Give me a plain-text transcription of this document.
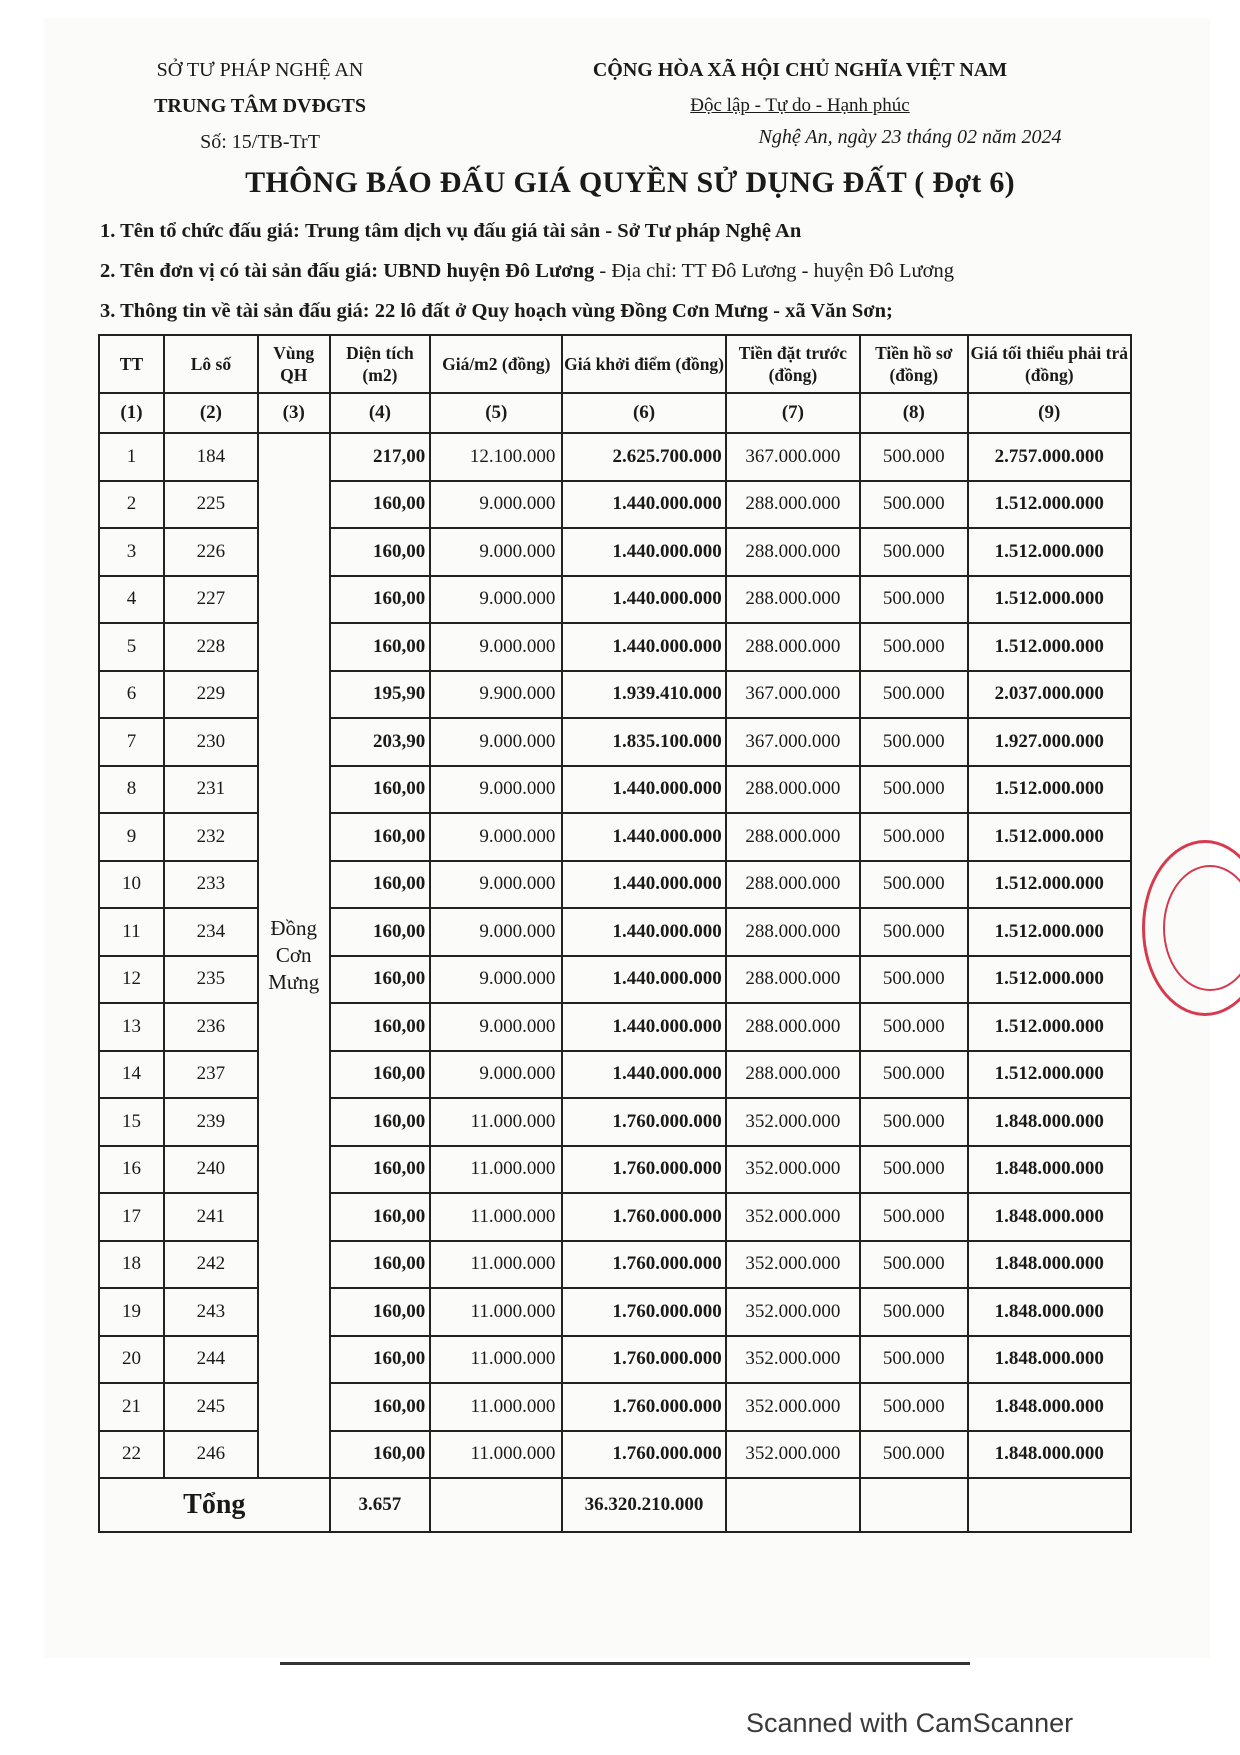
SỞ TƯ PHÁP NGHỆ AN
TRUNG TÂM DVĐGTS
Số: 15/TB-TrT
CỘNG HÒA XÃ HỘI CHỦ NGHĨA VIỆT NAM
Độc lập - Tự do - Hạnh phúc
Nghệ An, ngày 23 tháng 02 năm 2024
THÔNG BÁO ĐẤU GIÁ QUYỀN SỬ DỤNG ĐẤT ( Đợt 6)
1. Tên tổ chức đấu giá: Trung tâm dịch vụ đấu giá tài sản - Sở Tư pháp Nghệ An
2. Tên đơn vị có tài sản đấu giá: UBND huyện Đô Lương - Địa chỉ: TT Đô Lương - huyện Đô Lương
3. Thông tin về tài sản đấu giá: 22 lô đất ở Quy hoạch vùng Đồng Cơn Mưng - xã Văn Sơn;
TT	Lô số	Vùng QH	Diện tích (m2)	Giá/m2 (đồng)	Giá khởi điểm (đồng)	Tiền đặt trước (đồng)	Tiền hồ sơ (đồng)	Giá tối thiểu phải trả (đồng)
(1)	(2)	(3)	(4)	(5)	(6)	(7)	(8)	(9)
1	184	Đồng Cơn Mưng	217,00	12.100.000	2.625.700.000	367.000.000	500.000	2.757.000.000
2	225		160,00	9.000.000	1.440.000.000	288.000.000	500.000	1.512.000.000
3	226		160,00	9.000.000	1.440.000.000	288.000.000	500.000	1.512.000.000
4	227		160,00	9.000.000	1.440.000.000	288.000.000	500.000	1.512.000.000
5	228		160,00	9.000.000	1.440.000.000	288.000.000	500.000	1.512.000.000
6	229		195,90	9.900.000	1.939.410.000	367.000.000	500.000	2.037.000.000
7	230		203,90	9.000.000	1.835.100.000	367.000.000	500.000	1.927.000.000
8	231		160,00	9.000.000	1.440.000.000	288.000.000	500.000	1.512.000.000
9	232		160,00	9.000.000	1.440.000.000	288.000.000	500.000	1.512.000.000
10	233		160,00	9.000.000	1.440.000.000	288.000.000	500.000	1.512.000.000
11	234		160,00	9.000.000	1.440.000.000	288.000.000	500.000	1.512.000.000
12	235		160,00	9.000.000	1.440.000.000	288.000.000	500.000	1.512.000.000
13	236		160,00	9.000.000	1.440.000.000	288.000.000	500.000	1.512.000.000
14	237		160,00	9.000.000	1.440.000.000	288.000.000	500.000	1.512.000.000
15	239		160,00	11.000.000	1.760.000.000	352.000.000	500.000	1.848.000.000
16	240		160,00	11.000.000	1.760.000.000	352.000.000	500.000	1.848.000.000
17	241		160,00	11.000.000	1.760.000.000	352.000.000	500.000	1.848.000.000
18	242		160,00	11.000.000	1.760.000.000	352.000.000	500.000	1.848.000.000
19	243		160,00	11.000.000	1.760.000.000	352.000.000	500.000	1.848.000.000
20	244		160,00	11.000.000	1.760.000.000	352.000.000	500.000	1.848.000.000
21	245		160,00	11.000.000	1.760.000.000	352.000.000	500.000	1.848.000.000
22	246		160,00	11.000.000	1.760.000.000	352.000.000	500.000	1.848.000.000
Tổng			3.657		36.320.210.000			
Scanned with CamScanner
